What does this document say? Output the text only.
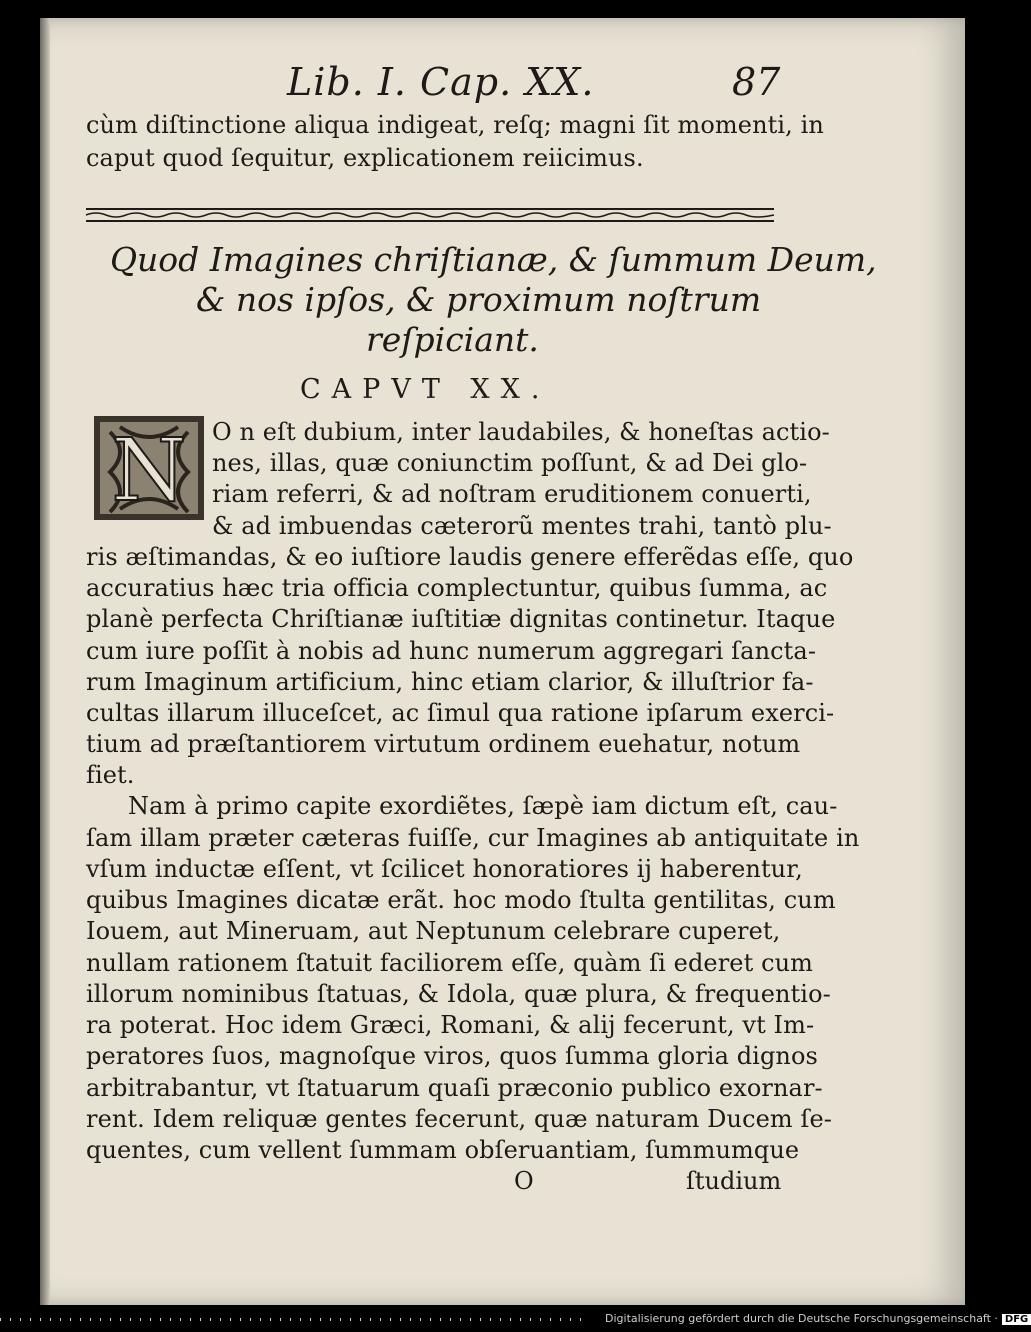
Lib. I. Cap. XX.	87
cùm diſtinctione aliqua indigeat, reſq; magni ſit momenti, in
caput quod ſequitur, explicationem reiicimus.
Quod Imagines chriſtianæ, & ſummum Deum,
& nos ipſos, & proximum noſtrum
reſpiciant.
CAPVT XX.
N O n eſt dubium, inter laudabiles, & honeſtas actio-
nes, illas, quæ coniunctim poſſunt, & ad Dei glo-
riam referri, & ad noſtram eruditionem conuerti,
& ad imbuendas cæterorũ mentes trahi, tantò plu-
ris æſtimandas, & eo iuſtiore laudis genere efferẽdas eſſe, quo
accuratius hæc tria officia complectuntur, quibus ſumma, ac
planè perfecta Chriſtianæ iuſtitiæ dignitas continetur. Itaque
cum iure poſſit à nobis ad hunc numerum aggregari ſancta-
rum Imaginum artificium, hinc etiam clarior, & illuſtrior fa-
cultas illarum illuceſcet, ac ſimul qua ratione ipſarum exerci-
tium ad præſtantiorem virtutum ordinem euehatur, notum
fiet.
Nam à primo capite exordiẽtes, ſæpè iam dictum eſt, cau-
ſam illam præter cæteras fuiſſe, cur Imagines ab antiquitate in
vſum inductæ eſſent, vt ſcilicet honoratiores ij haberentur,
quibus Imagines dicatæ erãt. hoc modo ſtulta gentilitas, cum
Iouem, aut Mineruam, aut Neptunum celebrare cuperet,
nullam rationem ſtatuit faciliorem eſſe, quàm ſi ederet cum
illorum nominibus ſtatuas, & Idola, quæ plura, & frequentio-
ra poterat. Hoc idem Græci, Romani, & alij fecerunt, vt Im-
peratores ſuos, magnoſque viros, quos ſumma gloria dignos
arbitrabantur, vt ſtatuarum quaſi præconio publico exornar-
rent. Idem reliquæ gentes fecerunt, quæ naturam Ducem ſe-
quentes, cum vellent ſummam obſeruantiam, ſummumque
O	ſtudium
Digitalisierung gefördert durch die Deutsche Forschungsgemeinschaft · DFG
